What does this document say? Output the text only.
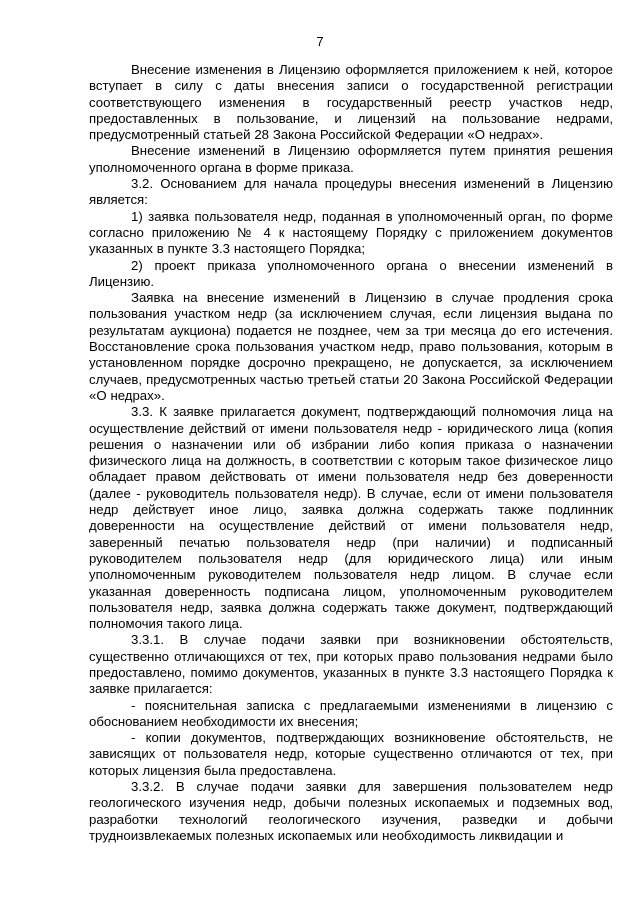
7

Внесение изменения в Лицензию оформляется приложением к ней, которое вступает в силу с даты внесения записи о государственной регистрации соответствующего изменения в государственный реестр участков недр, предоставленных в пользование, и лицензий на пользование недрами, предусмотренный статьей 28 Закона Российской Федерации «О недрах».

Внесение изменений в Лицензию оформляется путем принятия решения уполномоченного органа в форме приказа.

3.2. Основанием для начала процедуры внесения изменений в Лицензию является:

1) заявка пользователя недр, поданная в уполномоченный орган, по форме согласно приложению № 4 к настоящему Порядку с приложением документов указанных в пункте 3.3 настоящего Порядка;

2) проект приказа уполномоченного органа о внесении изменений в Лицензию.

Заявка на внесение изменений в Лицензию в случае продления срока пользования участком недр (за исключением случая, если лицензия выдана по результатам аукциона) подается не позднее, чем за три месяца до его истечения. Восстановление срока пользования участком недр, право пользования, которым в установленном порядке досрочно прекращено, не допускается, за исключением случаев, предусмотренных частью третьей статьи 20 Закона Российской Федерации «О недрах».

3.3. К заявке прилагается документ, подтверждающий полномочия лица на осуществление действий от имени пользователя недр - юридического лица (копия решения о назначении или об избрании либо копия приказа о назначении физического лица на должность, в соответствии с которым такое физическое лицо обладает правом действовать от имени пользователя недр без доверенности (далее - руководитель пользователя недр). В случае, если от имени пользователя недр действует иное лицо, заявка должна содержать также подлинник доверенности на осуществление действий от имени пользователя недр, заверенный печатью пользователя недр (при наличии) и подписанный руководителем пользователя недр (для юридического лица) или иным уполномоченным руководителем пользователя недр лицом. В случае если указанная доверенность подписана лицом, уполномоченным руководителем пользователя недр, заявка должна содержать также документ, подтверждающий полномочия такого лица.

3.3.1. В случае подачи заявки при возникновении обстоятельств, существенно отличающихся от тех, при которых право пользования недрами было предоставлено, помимо документов, указанных в пункте 3.3 настоящего Порядка к заявке прилагается:

- пояснительная записка с предлагаемыми изменениями в лицензию с обоснованием необходимости их внесения;

- копии документов, подтверждающих возникновение обстоятельств, не зависящих от пользователя недр, которые существенно отличаются от тех, при которых лицензия была предоставлена.

3.3.2. В случае подачи заявки для завершения пользователем недр геологического изучения недр, добычи полезных ископаемых и подземных вод, разработки технологий геологического изучения, разведки и добычи трудноизвлекаемых полезных ископаемых или необходимость ликвидации и
